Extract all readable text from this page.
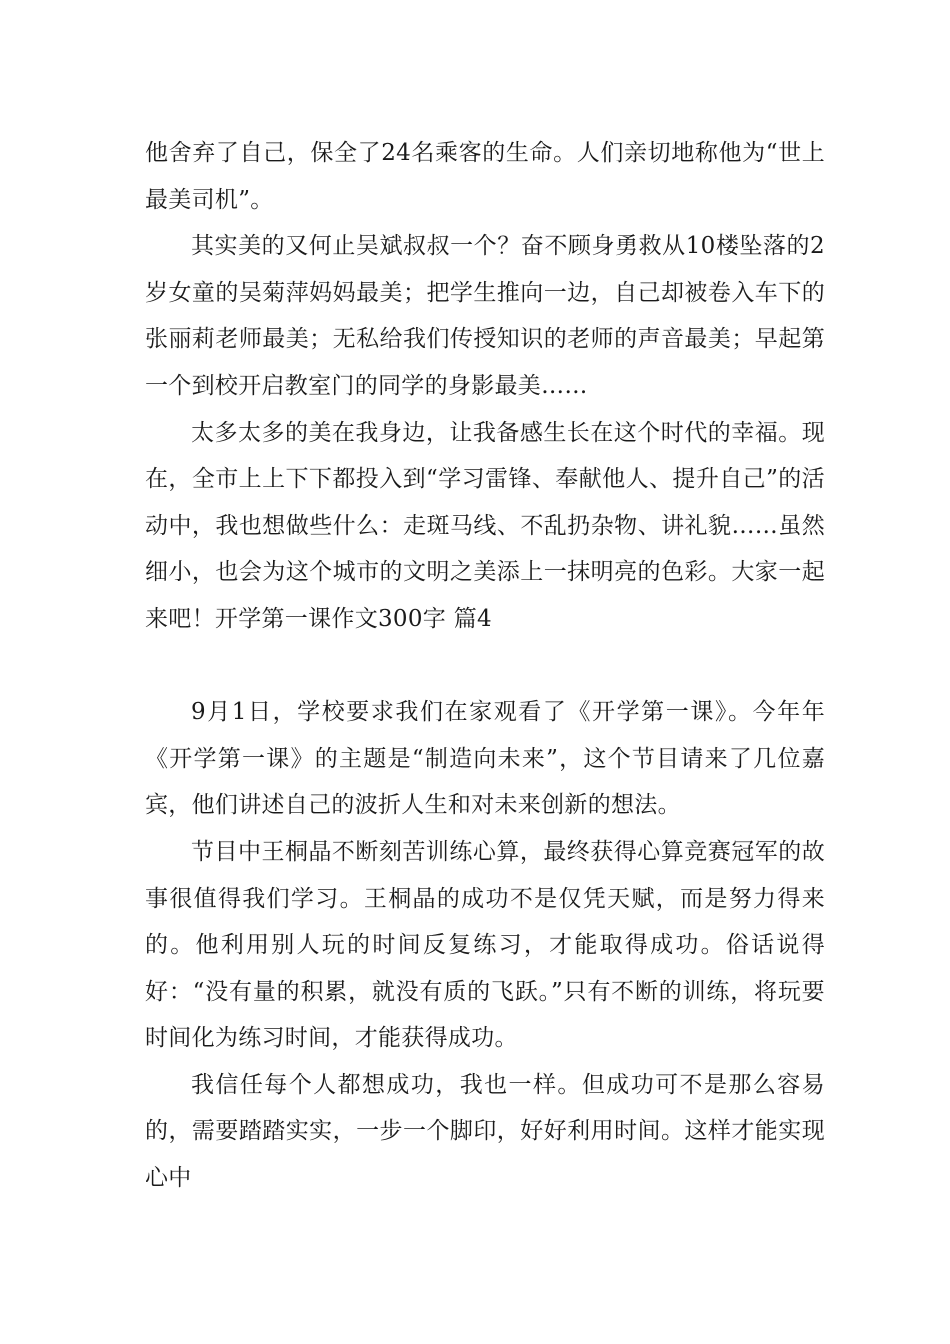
他舍弃了自己，保全了24名乘客的生命。人们亲切地称他为“世上最美司机”。

其实美的又何止吴斌叔叔一个？奋不顾身勇救从10楼坠落的2岁女童的吴菊萍妈妈最美；把学生推向一边，自己却被卷入车下的张丽莉老师最美；无私给我们传授知识的老师的声音最美；早起第一个到校开启教室门的同学的身影最美……

太多太多的美在我身边，让我备感生长在这个时代的幸福。现在，全市上上下下都投入到“学习雷锋、奉献他人、提升自己”的活动中，我也想做些什么：走斑马线、不乱扔杂物、讲礼貌……虽然细小，也会为这个城市的文明之美添上一抹明亮的色彩。大家一起来吧！开学第一课作文300字 篇4

9月1日，学校要求我们在家观看了《开学第一课》。今年年《开学第一课》的主题是“制造向未来”，这个节目请来了几位嘉宾，他们讲述自己的波折人生和对未来创新的想法。

节目中王桐晶不断刻苦训练心算，最终获得心算竞赛冠军的故事很值得我们学习。王桐晶的成功不是仅凭天赋，而是努力得来的。他利用别人玩的时间反复练习，才能取得成功。俗话说得好：“没有量的积累，就没有质的飞跃。”只有不断的训练，将玩要时间化为练习时间，才能获得成功。

我信任每个人都想成功，我也一样。但成功可不是那么容易的，需要踏踏实实，一步一个脚印，好好利用时间。这样才能实现心中
